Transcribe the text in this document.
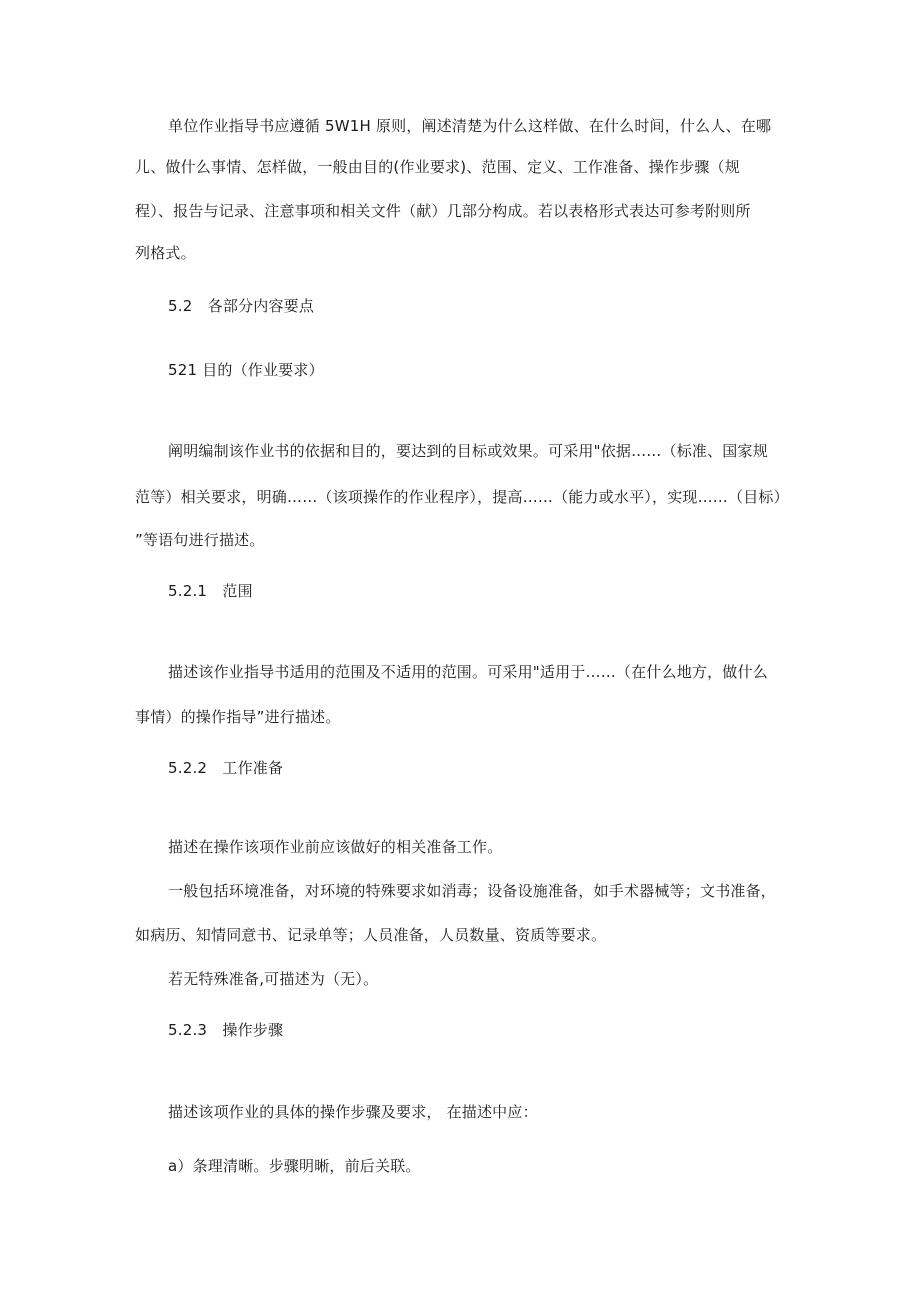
单位作业指导书应遵循 5W1H 原则，阐述清楚为什么这样做、在什么时间，什么人、在哪
儿、做什么事情、怎样做，一般由目的(作业要求)、范围、定义、工作准备、操作步骤（规
程）、报告与记录、注意事项和相关文件（献）几部分构成。若以表格形式表达可参考附则所
列格式。
5.2　各部分内容要点
521 目的（作业要求）
阐明编制该作业书的依据和目的，要达到的目标或效果。可采用"依据……（标准、国家规
范等）相关要求，明确……（该项操作的作业程序），提高……（能力或水平），实现……（目标）
”等语句进行描述。
5.2.1　范围
描述该作业指导书适用的范围及不适用的范围。可采用"适用于……（在什么地方，做什么
事情）的操作指导”进行描述。
5.2.2　工作准备
描述在操作该项作业前应该做好的相关准备工作。
一般包括环境准备，对环境的特殊要求如消毒；设备设施准备，如手术器械等；文书准备，
如病历、知情同意书、记录单等；人员准备，人员数量、资质等要求。
若无特殊准备,可描述为（无）。
5.2.3　操作步骤
描述该项作业的具体的操作步骤及要求， 在描述中应：
a）条理清晰。步骤明晰，前后关联。
